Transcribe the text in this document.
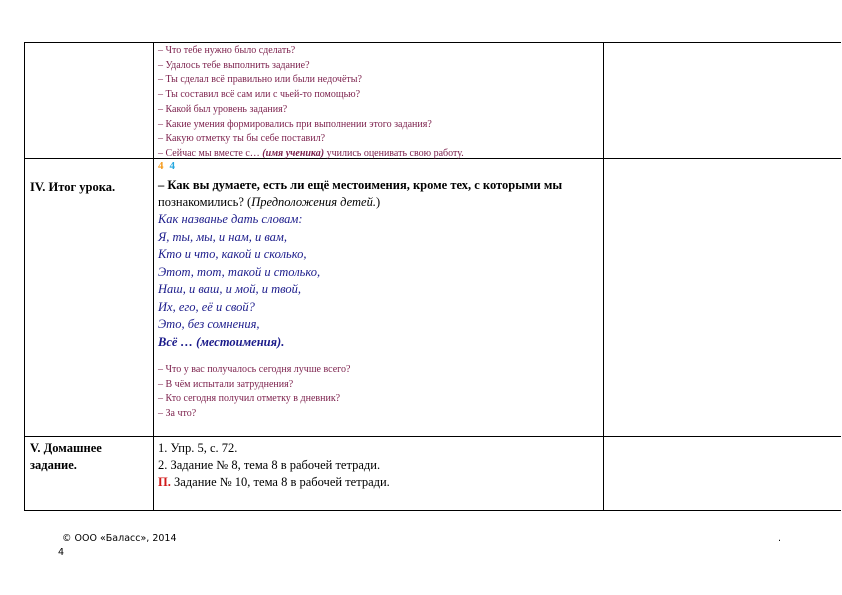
– Что тебе нужно было сделать?
– Удалось тебе выполнить задание?
– Ты сделал всё правильно или были недочёты?
– Ты составил всё сам или с чьей-то помощью?
– Какой был уровень задания?
– Какие умения формировались при выполнении этого задания?
– Какую отметку ты бы себе поставил?
– Сейчас мы вместе с… (имя ученика) учились оценивать свою работу.
IV. Итог урока.
4 4
– Как вы думаете, есть ли ещё местоимения, кроме тех, с которыми мы
познакомились? (Предположения детей.)
Как названье дать словам:
Я, ты, мы, и нам, и вам,
Кто и что, какой и сколько,
Этот, тот, такой и столько,
Наш, и ваш, и мой, и твой,
Их, его, её и свой?
Это, без сомнения,
Всё … (местоимения).
– Что у вас получалось сегодня лучше всего?
– В чём испытали затруднения?
– Кто сегодня получил отметку в дневник?
– За что?
V. Домашнее
задание.
1. Упр. 5, с. 72.
2. Задание № 8, тема 8 в рабочей тетради.
П. Задание № 10, тема 8 в рабочей тетради.
© ООО «Баласс», 2014
4
.
